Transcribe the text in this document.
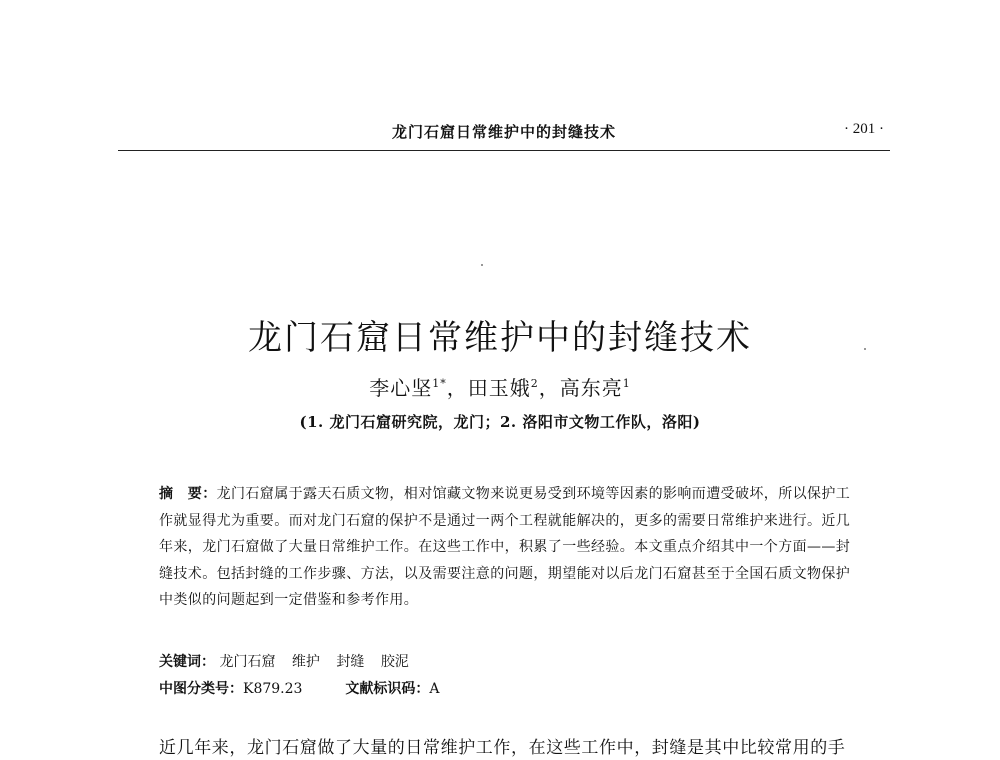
龙门石窟日常维护中的封缝技术	· 201 ·
龙门石窟日常维护中的封缝技术
李心坚$^{1*}$，田玉娥$^2$，高东亮$^1$
(1. 龙门石窟研究院，龙门；2. 洛阳市文物工作队，洛阳)
摘　要：龙门石窟属于露天石质文物，相对馆藏文物来说更易受到环境等因素的影响而遭受破坏，所以保护工作就显得尤为重要。而对龙门石窟的保护不是通过一两个工程就能解决的，更多的需要日常维护来进行。近几年来，龙门石窟做了大量日常维护工作。在这些工作中，积累了一些经验。本文重点介绍其中一个方面——封缝技术。包括封缝的工作步骤、方法，以及需要注意的问题，期望能对以后龙门石窟甚至于全国石质文物保护中类似的问题起到一定借鉴和参考作用。
关键词： 龙门石窟 维护 封缝 胶泥
中图分类号：K879.23	文献标识码：A
近几年来，龙门石窟做了大量的日常维护工作，在这些工作中，封缝是其中比较常用的手
